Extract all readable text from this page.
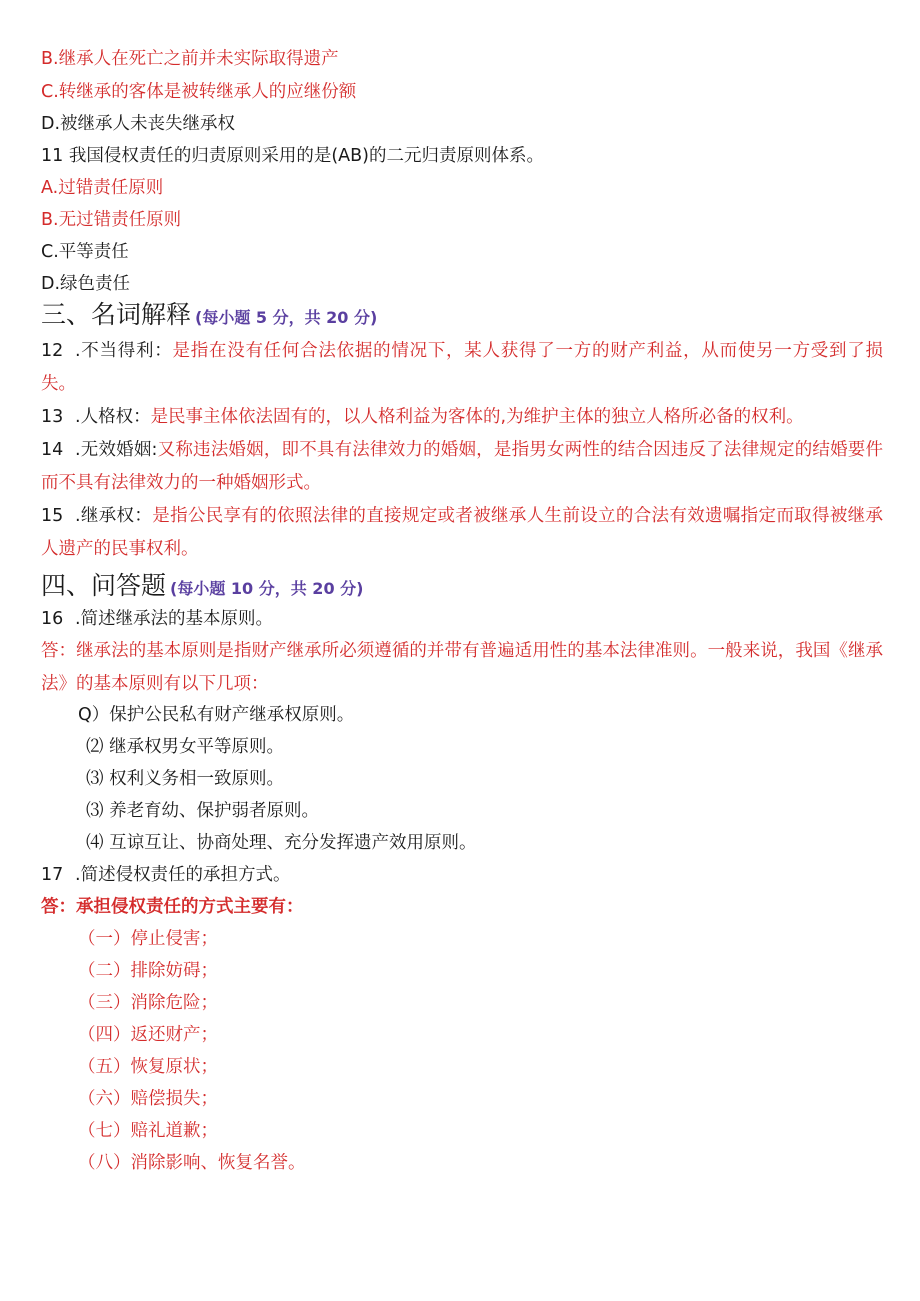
B.继承人在死亡之前并未实际取得遗产
C.转继承的客体是被转继承人的应继份额
D.被继承人未丧失继承权
11 我国侵权责任的归责原则采用的是(AB)的二元归责原则体系。
A.过错责任原则
B.无过错责任原则
C.平等责任
D.绿色责任
三、名词解释 (每小题 5 分，共 20 分)
12 .不当得利：是指在没有任何合法依据的情况下，某人获得了一方的财产利益，从而使另一方受到了损失。
13 .人格权：是民事主体依法固有的，以人格利益为客体的,为维护主体的独立人格所必备的权利。
14 .无效婚姻:又称违法婚姻，即不具有法律效力的婚姻，是指男女两性的结合因违反了法律规定的结婚要件而不具有法律效力的一种婚姻形式。
15 .继承权：是指公民享有的依照法律的直接规定或者被继承人生前设立的合法有效遗嘱指定而取得被继承人遗产的民事权利。
四、问答题 (每小题 10 分，共 20 分)
16 .简述继承法的基本原则。
答：继承法的基本原则是指财产继承所必须遵循的并带有普遍适用性的基本法律准则。一般来说，我国《继承法》的基本原则有以下几项：
Q）保护公民私有财产继承权原则。
⑵ 继承权男女平等原则。
⑶ 权利义务相一致原则。
⑶ 养老育幼、保护弱者原则。
⑷ 互谅互让、协商处理、充分发挥遗产效用原则。
17 .简述侵权责任的承担方式。
答：承担侵权责任的方式主要有：
（一）停止侵害；
（二）排除妨碍；
（三）消除危险；
（四）返还财产；
（五）恢复原状；
（六）赔偿损失；
（七）赔礼道歉；
（八）消除影响、恢复名誉。
